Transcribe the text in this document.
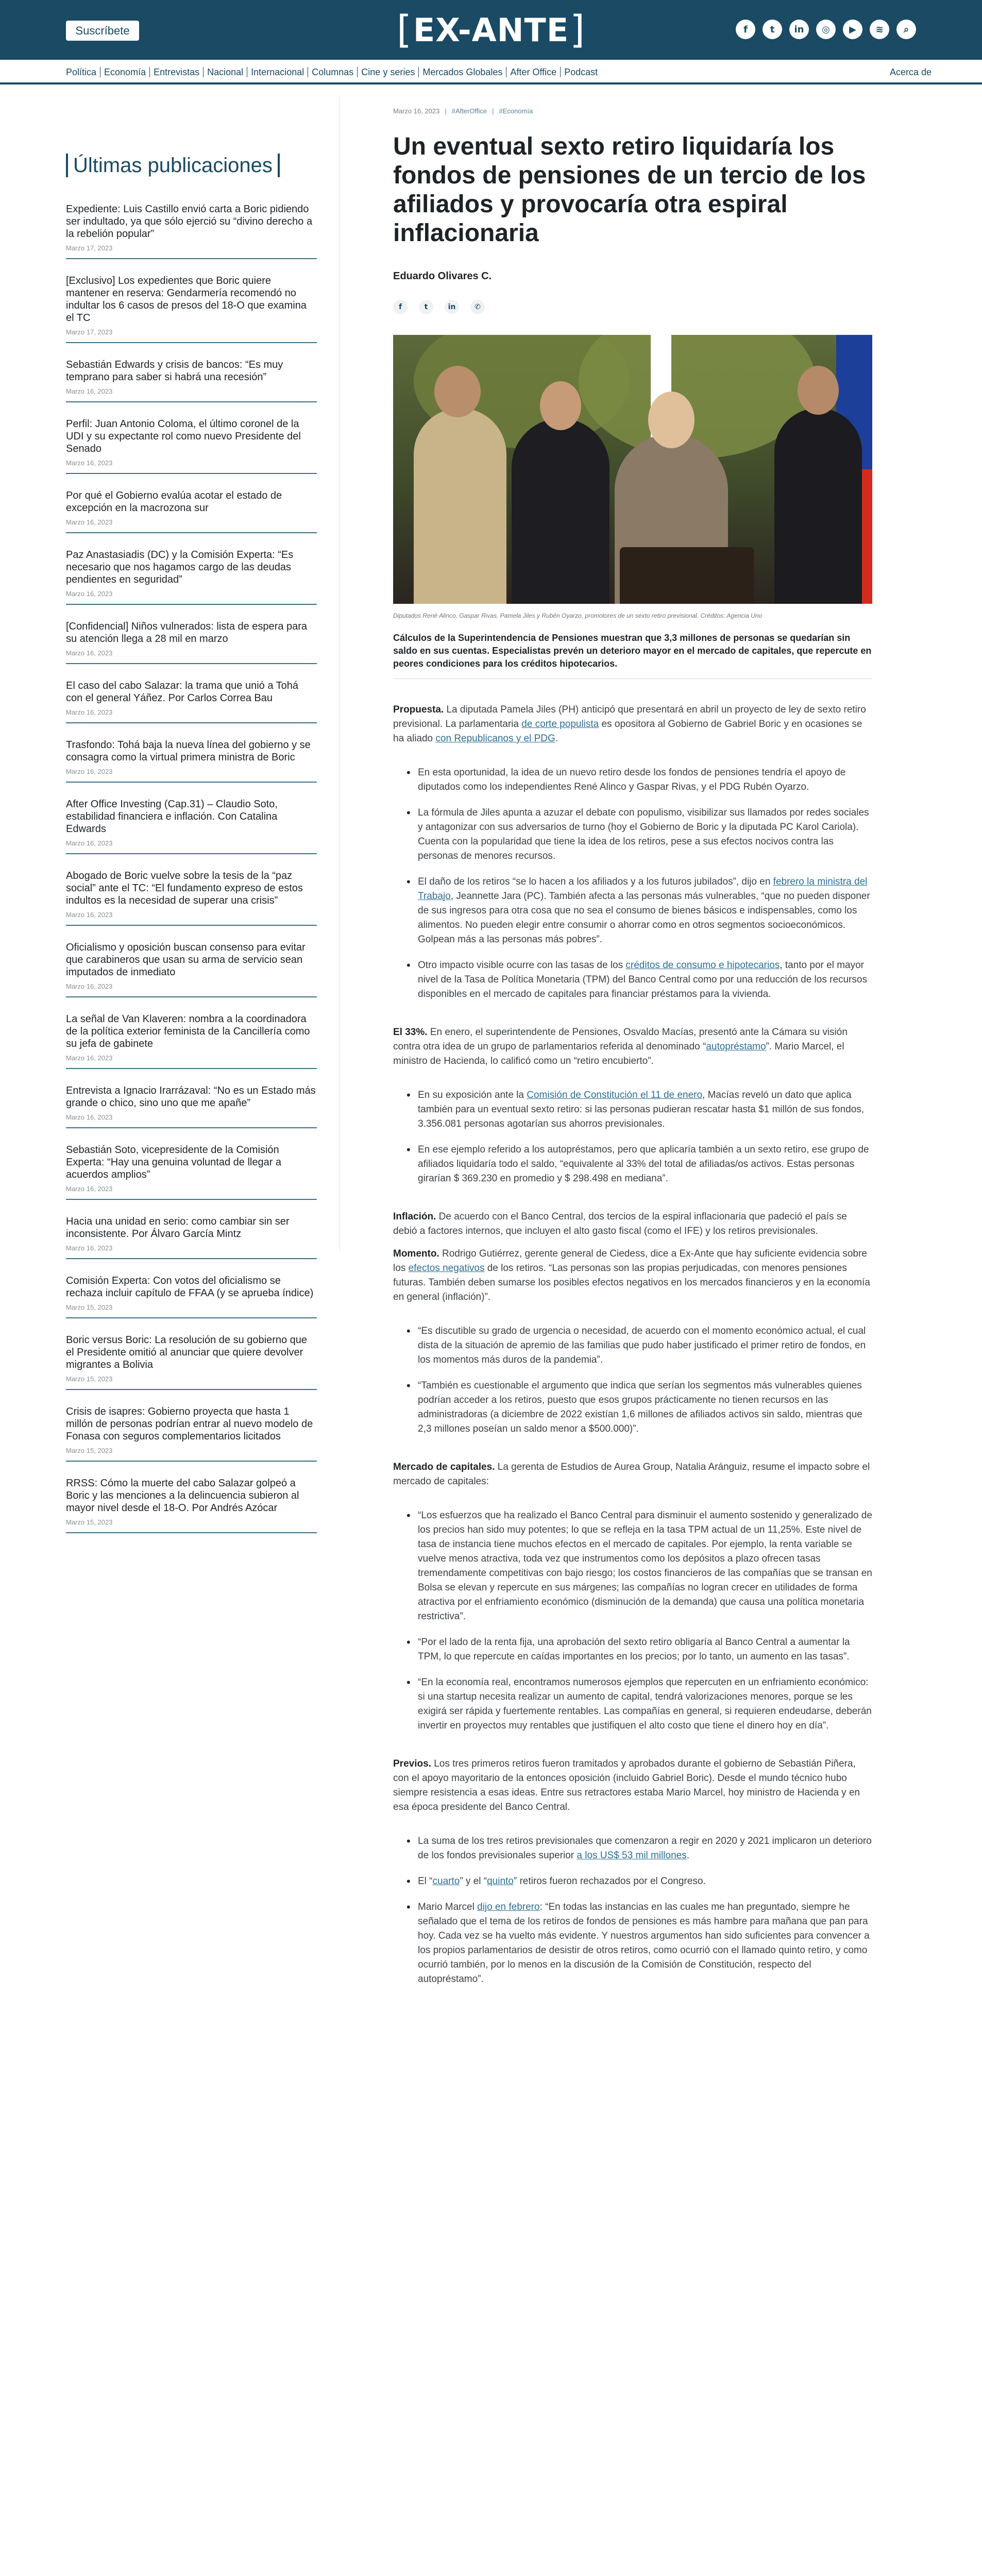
Suscríbete	[ EX-ANTE ]	f	t	in	◎	▶	≋	⌕
Política Economía Entrevistas Nacional Internacional Columnas Cine y series Mercados Globales After Office Podcast	Acerca de
Últimas publicaciones
Expediente: Luis Castillo envió carta a Boric pidiendo ser indultado, ya que sólo ejerció su “divino derecho a la rebelión popular”
Marzo 17, 2023
[Exclusivo] Los expedientes que Boric quiere mantener en reserva: Gendarmería recomendó no indultar los 6 casos de presos del 18-O que examina el TC
Marzo 17, 2023
Sebastián Edwards y crisis de bancos: “Es muy temprano para saber si habrá una recesión”
Marzo 16, 2023
Perfil: Juan Antonio Coloma, el último coronel de la UDI y su expectante rol como nuevo Presidente del Senado
Marzo 16, 2023
Por qué el Gobierno evalúa acotar el estado de excepción en la macrozona sur
Marzo 16, 2023
Paz Anastasiadis (DC) y la Comisión Experta: “Es necesario que nos hagamos cargo de las deudas pendientes en seguridad”
Marzo 16, 2023
[Confidencial] Niños vulnerados: lista de espera para su atención llega a 28 mil en marzo
Marzo 16, 2023
El caso del cabo Salazar: la trama que unió a Tohá con el general Yáñez. Por Carlos Correa Bau
Marzo 16, 2023
Trasfondo: Tohá baja la nueva línea del gobierno y se consagra como la virtual primera ministra de Boric
Marzo 16, 2023
After Office Investing (Cap.31) – Claudio Soto, estabilidad financiera e inflación. Con Catalina Edwards
Marzo 16, 2023
Abogado de Boric vuelve sobre la tesis de la “paz social” ante el TC: “El fundamento expreso de estos indultos es la necesidad de superar una crisis”
Marzo 16, 2023
Oficialismo y oposición buscan consenso para evitar que carabineros que usan su arma de servicio sean imputados de inmediato
Marzo 16, 2023
La señal de Van Klaveren: nombra a la coordinadora de la política exterior feminista de la Cancillería como su jefa de gabinete
Marzo 16, 2023
Entrevista a Ignacio Irarrázaval: “No es un Estado más grande o chico, sino uno que me apañe”
Marzo 16, 2023
Sebastián Soto, vicepresidente de la Comisión Experta: “Hay una genuina voluntad de llegar a acuerdos amplios”
Marzo 16, 2023
Hacia una unidad en serio: como cambiar sin ser inconsistente. Por Álvaro García Mintz
Marzo 16, 2023
Comisión Experta: Con votos del oficialismo se rechaza incluir capítulo de FFAA (y se aprueba índice)
Marzo 15, 2023
Boric versus Boric: La resolución de su gobierno que el Presidente omitió al anunciar que quiere devolver migrantes a Bolivia
Marzo 15, 2023
Crisis de isapres: Gobierno proyecta que hasta 1 millón de personas podrían entrar al nuevo modelo de Fonasa con seguros complementarios licitados
Marzo 15, 2023
RRSS: Cómo la muerte del cabo Salazar golpeó a Boric y las menciones a la delincuencia subieron al mayor nivel desde el 18-O. Por Andrés Azócar
Marzo 15, 2023
Marzo 16, 2023 | #AfterOffice | #Economía
Un eventual sexto retiro liquidaría los fondos de pensiones de un tercio de los afiliados y provocaría otra espiral inflacionaria
Eduardo Olivares C.
f	t	in	✆
Diputados René Alinco, Gaspar Rivas, Pamela Jiles y Rubén Oyarzo, promotores de un sexto retiro previsional. Créditos: Agencia Uno
Cálculos de la Superintendencia de Pensiones muestran que 3,3 millones de personas se quedarían sin saldo en sus cuentas. Especialistas prevén un deterioro mayor en el mercado de capitales, que repercute en peores condiciones para los créditos hipotecarios.

Propuesta. La diputada Pamela Jiles (PH) anticipó que presentará en abril un proyecto de ley de sexto retiro previsional. La parlamentaria de corte populista es opositora al Gobierno de Gabriel Boric y en ocasiones se ha aliado con Republicanos y el PDG.

• En esta oportunidad, la idea de un nuevo retiro desde los fondos de pensiones tendría el apoyo de diputados como los independientes René Alinco y Gaspar Rivas, y el PDG Rubén Oyarzo.
• La fórmula de Jiles apunta a azuzar el debate con populismo, visibilizar sus llamados por redes sociales y antagonizar con sus adversarios de turno (hoy el Gobierno de Boric y la diputada PC Karol Cariola). Cuenta con la popularidad que tiene la idea de los retiros, pese a sus efectos nocivos contra las personas de menores recursos.
• El daño de los retiros “se lo hacen a los afiliados y a los futuros jubilados”, dijo en febrero la ministra del Trabajo, Jeannette Jara (PC). También afecta a las personas más vulnerables, “que no pueden disponer de sus ingresos para otra cosa que no sea el consumo de bienes básicos e indispensables, como los alimentos. No pueden elegir entre consumir o ahorrar como en otros segmentos socioeconómicos. Golpean más a las personas más pobres”.
• Otro impacto visible ocurre con las tasas de los créditos de consumo e hipotecarios, tanto por el mayor nivel de la Tasa de Política Monetaria (TPM) del Banco Central como por una reducción de los recursos disponibles en el mercado de capitales para financiar préstamos para la vivienda.

El 33%. En enero, el superintendente de Pensiones, Osvaldo Macías, presentó ante la Cámara su visión contra otra idea de un grupo de parlamentarios referida al denominado “autopréstamo”. Mario Marcel, el ministro de Hacienda, lo calificó como un “retiro encubierto”.

• En su exposición ante la Comisión de Constitución el 11 de enero, Macías reveló un dato que aplica también para un eventual sexto retiro: si las personas pudieran rescatar hasta $1 millón de sus fondos, 3.356.081 personas agotarían sus ahorros previsionales.
• En ese ejemplo referido a los autopréstamos, pero que aplicaría también a un sexto retiro, ese grupo de afiliados liquidaría todo el saldo, “equivalente al 33% del total de afiliadas/os activos. Estas personas girarían $ 369.230 en promedio y $ 298.498 en mediana”.

Inflación. De acuerdo con el Banco Central, dos tercios de la espiral inflacionaria que padeció el país se debió a factores internos, que incluyen el alto gasto fiscal (como el IFE) y los retiros previsionales.

Momento. Rodrigo Gutiérrez, gerente general de Ciedess, dice a Ex-Ante que hay suficiente evidencia sobre los efectos negativos de los retiros. “Las personas son las propias perjudicadas, con menores pensiones futuras. También deben sumarse los posibles efectos negativos en los mercados financieros y en la economía en general (inflación)”.

• “Es discutible su grado de urgencia o necesidad, de acuerdo con el momento económico actual, el cual dista de la situación de apremio de las familias que pudo haber justificado el primer retiro de fondos, en los momentos más duros de la pandemia”.
• “También es cuestionable el argumento que indica que serían los segmentos más vulnerables quienes podrían acceder a los retiros, puesto que esos grupos prácticamente no tienen recursos en las administradoras (a diciembre de 2022 existían 1,6 millones de afiliados activos sin saldo, mientras que 2,3 millones poseían un saldo menor a $500.000)”.

Mercado de capitales. La gerenta de Estudios de Aurea Group, Natalia Aránguiz, resume el impacto sobre el mercado de capitales:

• “Los esfuerzos que ha realizado el Banco Central para disminuir el aumento sostenido y generalizado de los precios han sido muy potentes; lo que se refleja en la tasa TPM actual de un 11,25%. Este nivel de tasa de instancia tiene muchos efectos en el mercado de capitales. Por ejemplo, la renta variable se vuelve menos atractiva, toda vez que instrumentos como los depósitos a plazo ofrecen tasas tremendamente competitivas con bajo riesgo; los costos financieros de las compañías que se transan en Bolsa se elevan y repercute en sus márgenes; las compañías no logran crecer en utilidades de forma atractiva por el enfriamiento económico (disminución de la demanda) que causa una política monetaria restrictiva”.
• “Por el lado de la renta fija, una aprobación del sexto retiro obligaría al Banco Central a aumentar la TPM, lo que repercute en caídas importantes en los precios; por lo tanto, un aumento en las tasas”.
• “En la economía real, encontramos numerosos ejemplos que repercuten en un enfriamiento económico: si una startup necesita realizar un aumento de capital, tendrá valorizaciones menores, porque se les exigirá ser rápida y fuertemente rentables. Las compañías en general, si requieren endeudarse, deberán invertir en proyectos muy rentables que justifiquen el alto costo que tiene el dinero hoy en día”.

Previos. Los tres primeros retiros fueron tramitados y aprobados durante el gobierno de Sebastián Piñera, con el apoyo mayoritario de la entonces oposición (incluido Gabriel Boric). Desde el mundo técnico hubo siempre resistencia a esas ideas. Entre sus retractores estaba Mario Marcel, hoy ministro de Hacienda y en esa época presidente del Banco Central.

• La suma de los tres retiros previsionales que comenzaron a regir en 2020 y 2021 implicaron un deterioro de los fondos previsionales superior a los US$ 53 mil millones.
• El “cuarto” y el “quinto” retiros fueron rechazados por el Congreso.
• Mario Marcel dijo en febrero: “En todas las instancias en las cuales me han preguntado, siempre he señalado que el tema de los retiros de fondos de pensiones es más hambre para mañana que pan para hoy. Cada vez se ha vuelto más evidente. Y nuestros argumentos han sido suficientes para convencer a los propios parlamentarios de desistir de otros retiros, como ocurrió con el llamado quinto retiro, y como ocurrió también, por lo menos en la discusión de la Comisión de Constitución, respecto del autopréstamo”.
